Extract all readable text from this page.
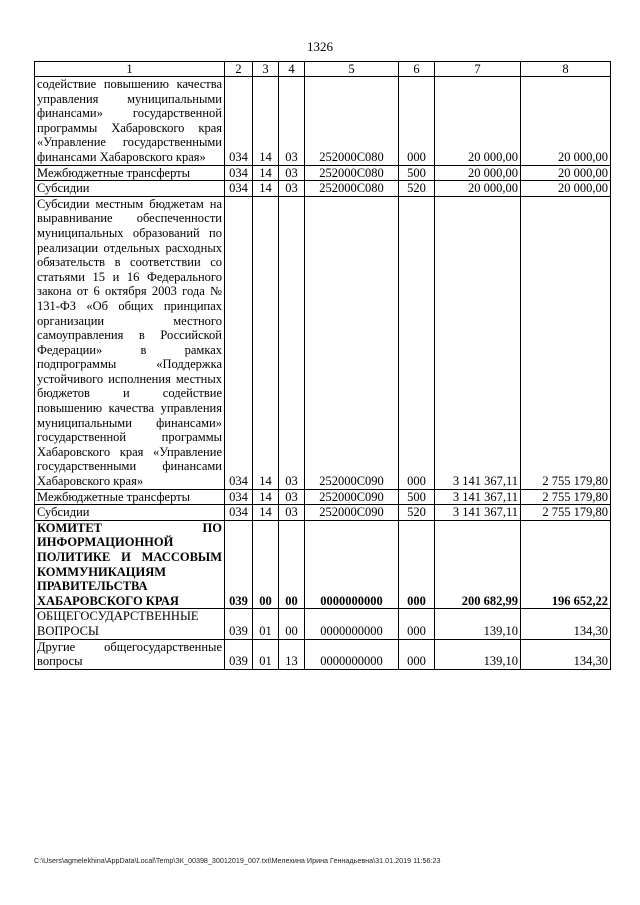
1326
1	2	3	4	5	6	7	8
содействие повышению качества управления муниципальными финансами» государственной программы Хабаровского края «Управление государственными финансами Хабаровского края»	034	14	03	252000С080	000	20 000,00	20 000,00
Межбюджетные трансферты	034	14	03	252000С080	500	20 000,00	20 000,00
Субсидии	034	14	03	252000С080	520	20 000,00	20 000,00
Субсидии местным бюджетам на выравнивание обеспеченности муниципальных образований по реализации отдельных расходных обязательств в соответствии со статьями 15 и 16 Федерального закона от 6 октября 2003 года № 131-ФЗ «Об общих принципах организации местного самоуправления в Российской Федерации» в рамках подпрограммы «Поддержка устойчивого исполнения местных бюджетов и содействие повышению качества управления муниципальными финансами» государственной программы Хабаровского края «Управление государственными финансами Хабаровского края»	034	14	03	252000С090	000	3 141 367,11	2 755 179,80
Межбюджетные трансферты	034	14	03	252000С090	500	3 141 367,11	2 755 179,80
Субсидии	034	14	03	252000С090	520	3 141 367,11	2 755 179,80
КОМИТЕТ ПО ИНФОРМАЦИОННОЙ ПОЛИТИКЕ И МАССОВЫМ КОММУНИКАЦИЯМ ПРАВИТЕЛЬСТВА ХАБАРОВСКОГО КРАЯ	039	00	00	0000000000	000	200 682,99	196 652,22
ОБЩЕГОСУДАРСТВЕННЫЕ ВОПРОСЫ	039	01	00	0000000000	000	139,10	134,30
Другие общегосударственные вопросы	039	01	13	0000000000	000	139,10	134,30
C:\Users\agmelekhina\AppData\Local\Temp\ЗК_00398_30012019_007.txt\Мелехина Ирина Геннадьевна\31.01.2019 11:56:23
